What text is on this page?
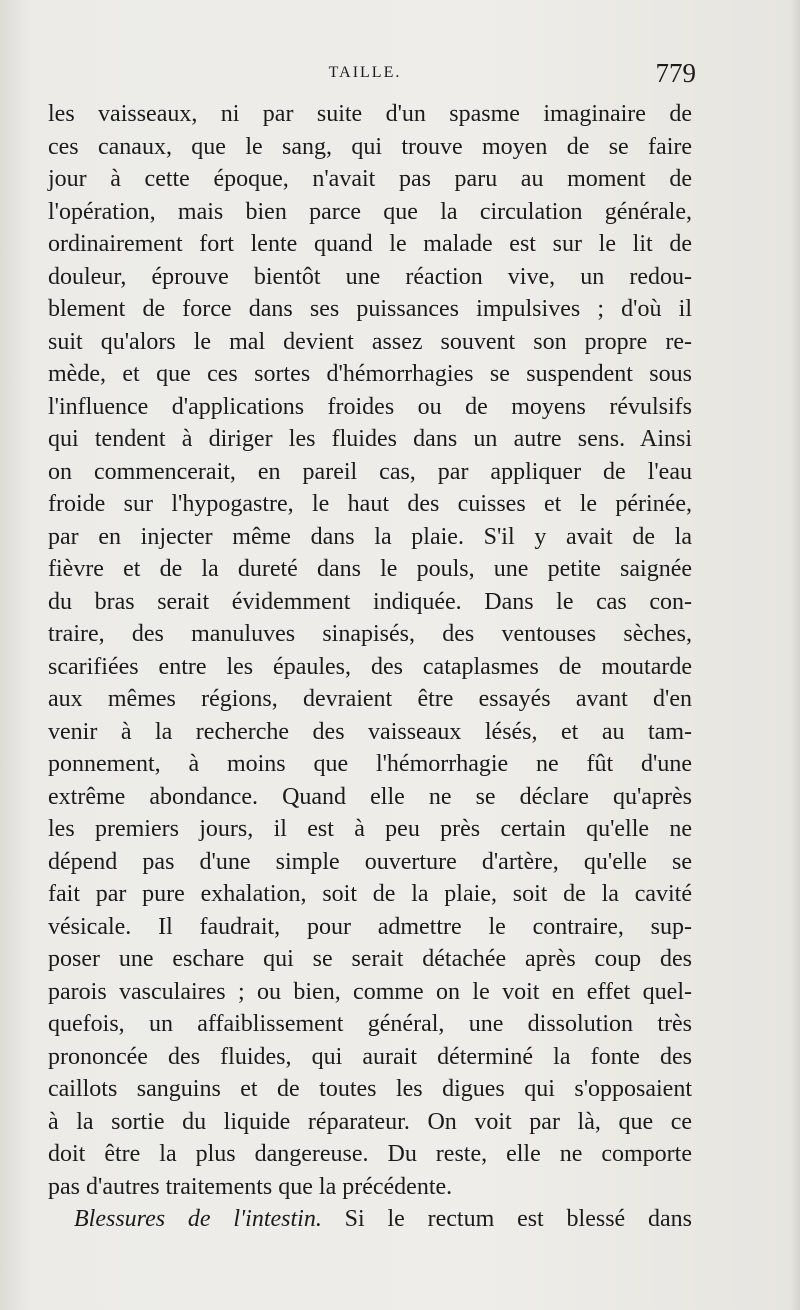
TAILLE.	779
les vaisseaux, ni par suite d'un spasme imaginaire de
ces canaux, que le sang, qui trouve moyen de se faire
jour à cette époque, n'avait pas paru au moment de
l'opération, mais bien parce que la circulation générale,
ordinairement fort lente quand le malade est sur le lit de
douleur, éprouve bientôt une réaction vive, un redou-
blement de force dans ses puissances impulsives ; d'où il
suit qu'alors le mal devient assez souvent son propre re-
mède, et que ces sortes d'hémorrhagies se suspendent sous
l'influence d'applications froides ou de moyens révulsifs
qui tendent à diriger les fluides dans un autre sens. Ainsi
on commencerait, en pareil cas, par appliquer de l'eau
froide sur l'hypogastre, le haut des cuisses et le périnée,
par en injecter même dans la plaie. S'il y avait de la
fièvre et de la dureté dans le pouls, une petite saignée
du bras serait évidemment indiquée. Dans le cas con-
traire, des manuluves sinapisés, des ventouses sèches,
scarifiées entre les épaules, des cataplasmes de moutarde
aux mêmes régions, devraient être essayés avant d'en
venir à la recherche des vaisseaux lésés, et au tam-
ponnement, à moins que l'hémorrhagie ne fût d'une
extrême abondance. Quand elle ne se déclare qu'après
les premiers jours, il est à peu près certain qu'elle ne
dépend pas d'une simple ouverture d'artère, qu'elle se
fait par pure exhalation, soit de la plaie, soit de la cavité
vésicale. Il faudrait, pour admettre le contraire, sup-
poser une eschare qui se serait détachée après coup des
parois vasculaires ; ou bien, comme on le voit en effet quel-
quefois, un affaiblissement général, une dissolution très
prononcée des fluides, qui aurait déterminé la fonte des
caillots sanguins et de toutes les digues qui s'opposaient
à la sortie du liquide réparateur. On voit par là, que ce
doit être la plus dangereuse. Du reste, elle ne comporte
pas d'autres traitements que la précédente.
Blessures de l'intestin. Si le rectum est blessé dans
